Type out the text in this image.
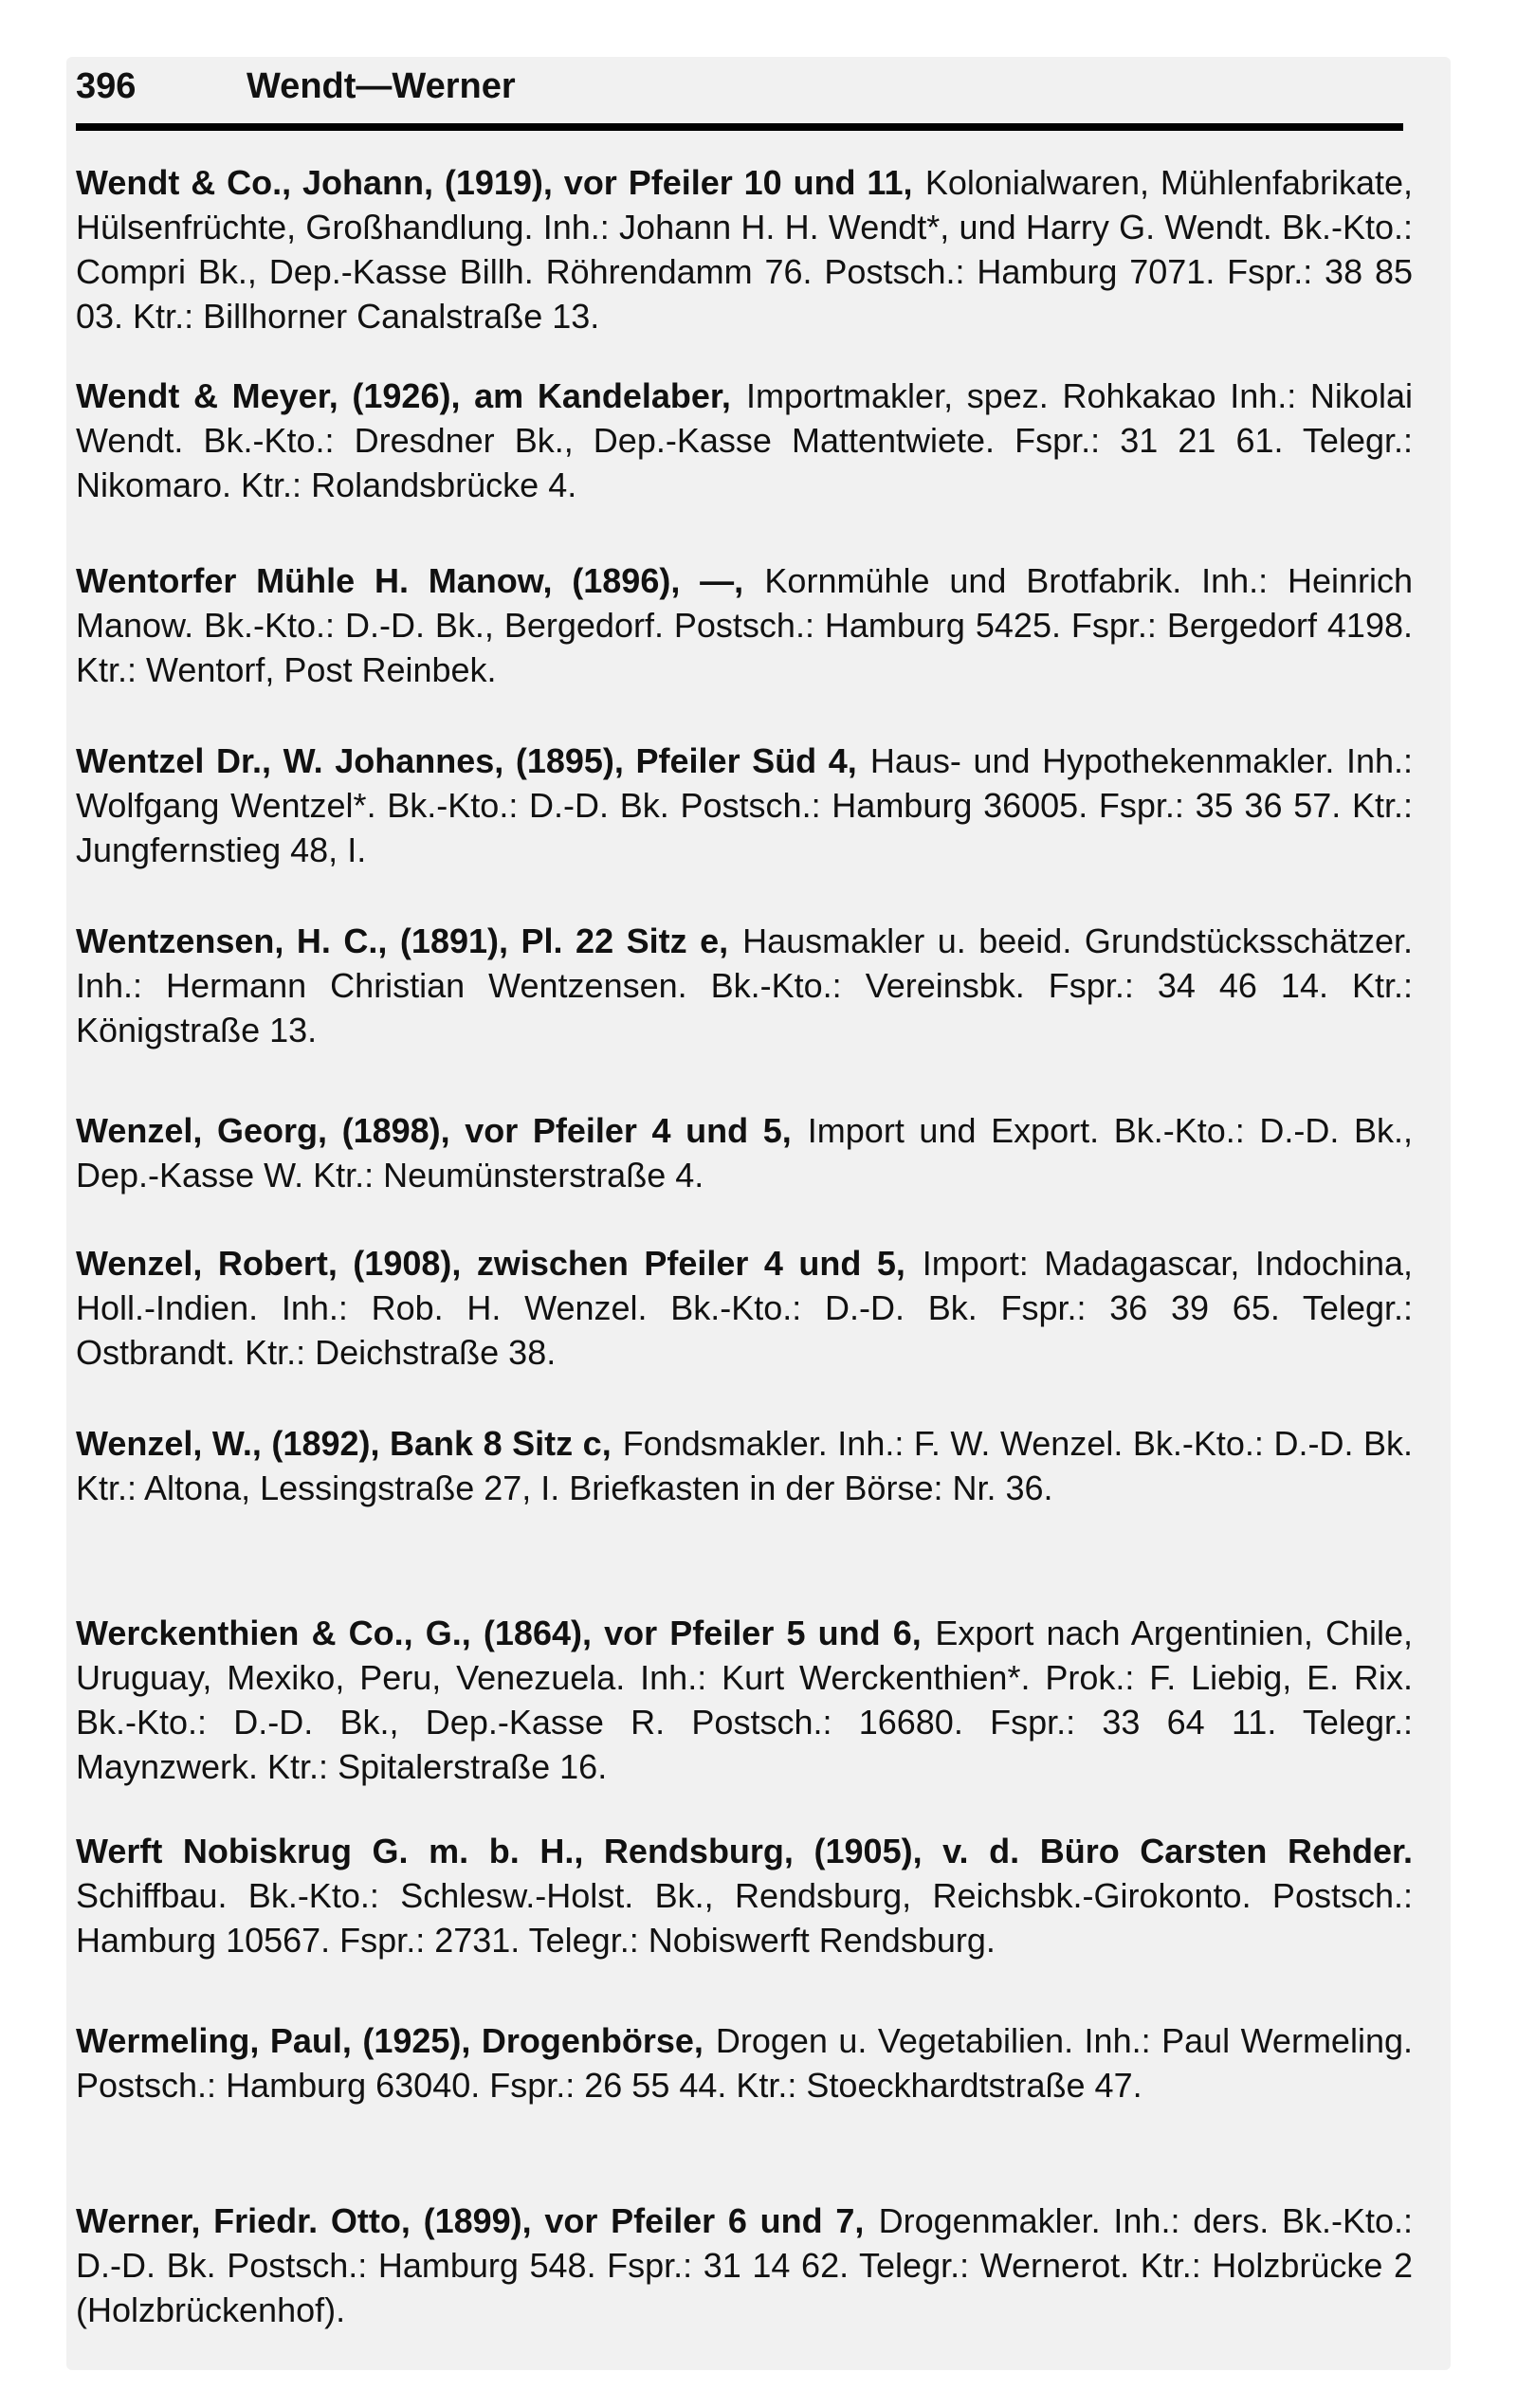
396	Wendt—Werner
Wendt & Co., Johann, (1919), vor Pfeiler 10 und 11, Kolonialwaren, Mühlenfabrikate, Hülsenfrüchte, Großhandlung. Inh.: Johann H. H. Wendt*, und Harry G. Wendt. Bk.-Kto.: Compri Bk., Dep.-Kasse Billh. Röhrendamm 76. Postsch.: Hamburg 7071. Fspr.: 38 85 03. Ktr.: Billhorner Canalstraße 13.
Wendt & Meyer, (1926), am Kandelaber, Importmakler, spez. Rohkakao Inh.: Nikolai Wendt. Bk.-Kto.: Dresdner Bk., Dep.-Kasse Mattentwiete. Fspr.: 31 21 61. Telegr.: Nikomaro. Ktr.: Rolandsbrücke 4.
Wentorfer Mühle H. Manow, (1896), —, Kornmühle und Brotfabrik. Inh.: Heinrich Manow. Bk.-Kto.: D.-D. Bk., Bergedorf. Postsch.: Hamburg 5425. Fspr.: Bergedorf 4198. Ktr.: Wentorf, Post Reinbek.
Wentzel Dr., W. Johannes, (1895), Pfeiler Süd 4, Haus- und Hypothekenmakler. Inh.: Wolfgang Wentzel*. Bk.-Kto.: D.-D. Bk. Postsch.: Hamburg 36005. Fspr.: 35 36 57. Ktr.: Jungfernstieg 48, I.
Wentzensen, H. C., (1891), Pl. 22 Sitz e, Hausmakler u. beeid. Grundstücksschätzer. Inh.: Hermann Christian Wentzensen. Bk.-Kto.: Vereinsbk. Fspr.: 34 46 14. Ktr.: Königstraße 13.
Wenzel, Georg, (1898), vor Pfeiler 4 und 5, Import und Export. Bk.-Kto.: D.-D. Bk., Dep.-Kasse W. Ktr.: Neumünsterstraße 4.
Wenzel, Robert, (1908), zwischen Pfeiler 4 und 5, Import: Madagascar, Indochina, Holl.-Indien. Inh.: Rob. H. Wenzel. Bk.-Kto.: D.-D. Bk. Fspr.: 36 39 65. Telegr.: Ostbrandt. Ktr.: Deichstraße 38.
Wenzel, W., (1892), Bank 8 Sitz c, Fondsmakler. Inh.: F. W. Wenzel. Bk.-Kto.: D.-D. Bk. Ktr.: Altona, Lessingstraße 27, I. Briefkasten in der Börse: Nr. 36.
Werckenthien & Co., G., (1864), vor Pfeiler 5 und 6, Export nach Argentinien, Chile, Uruguay, Mexiko, Peru, Venezuela. Inh.: Kurt Werckenthien*. Prok.: F. Liebig, E. Rix. Bk.-Kto.: D.-D. Bk., Dep.-Kasse R. Postsch.: 16680. Fspr.: 33 64 11. Telegr.: Maynzwerk. Ktr.: Spitalerstraße 16.
Werft Nobiskrug G. m. b. H., Rendsburg, (1905), v. d. Büro Carsten Rehder. Schiffbau. Bk.-Kto.: Schlesw.-Holst. Bk., Rendsburg, Reichsbk.-Girokonto. Postsch.: Hamburg 10567. Fspr.: 2731. Telegr.: Nobiswerft Rendsburg.
Wermeling, Paul, (1925), Drogenbörse, Drogen u. Vegetabilien. Inh.: Paul Wermeling. Postsch.: Hamburg 63040. Fspr.: 26 55 44. Ktr.: Stoeckhardtstraße 47.
Werner, Friedr. Otto, (1899), vor Pfeiler 6 und 7, Drogenmakler. Inh.: ders. Bk.-Kto.: D.-D. Bk. Postsch.: Hamburg 548. Fspr.: 31 14 62. Telegr.: Wernerot. Ktr.: Holzbrücke 2 (Holzbrückenhof).
